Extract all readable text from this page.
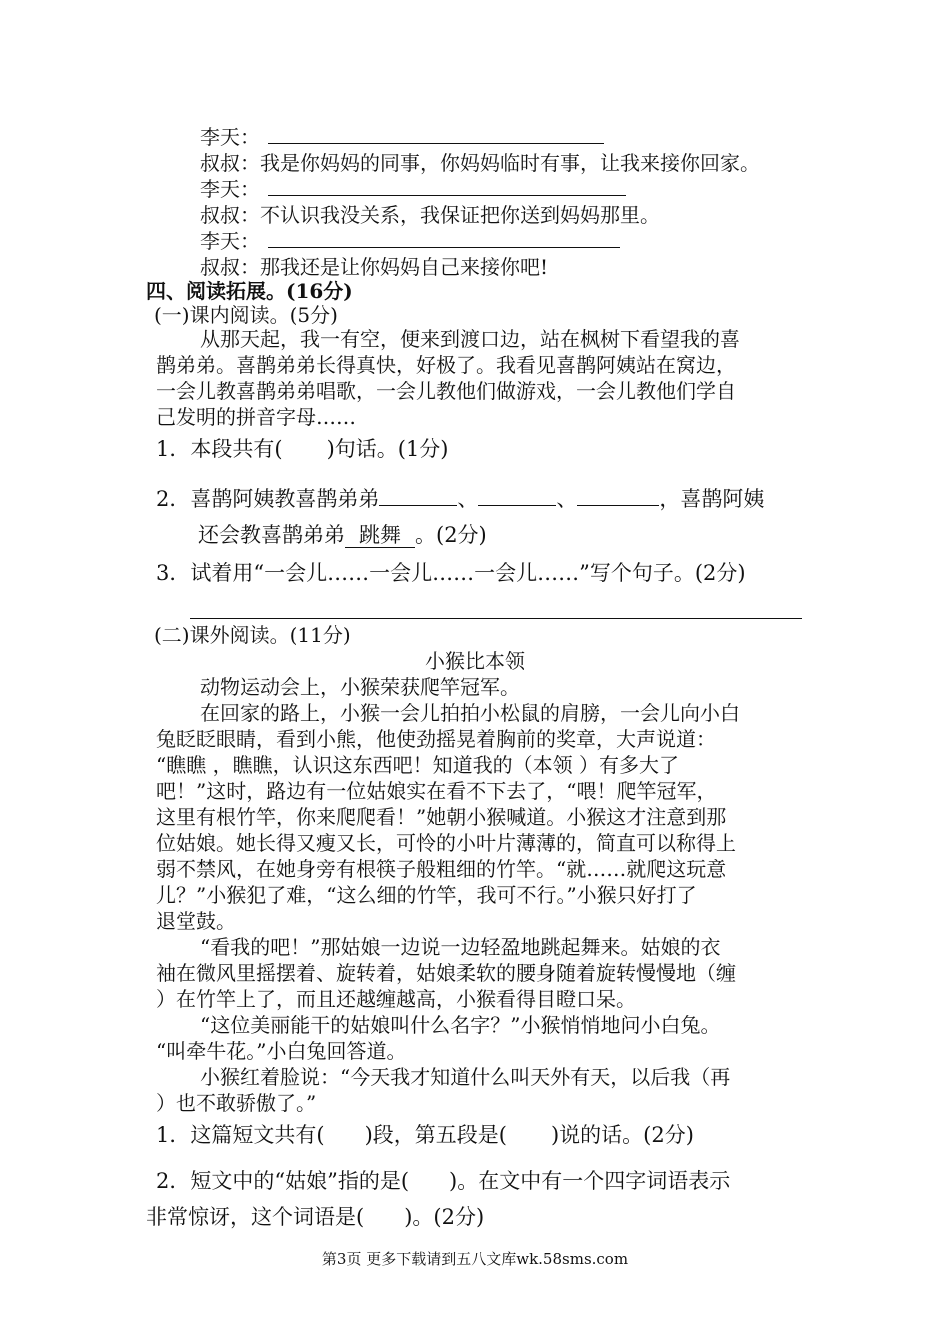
李天：
叔叔：我是你妈妈的同事，你妈妈临时有事，让我来接你回家。
李天：
叔叔：不认识我没关系，我保证把你送到妈妈那里。
李天：
叔叔：那我还是让你妈妈自己来接你吧!
四、阅读拓展。(16分)
(一)课内阅读。(5分)
从那天起，我一有空，便来到渡口边，站在枫树下看望我的喜
鹊弟弟。喜鹊弟弟长得真快，好极了。我看见喜鹊阿姨站在窝边，
一会儿教喜鹊弟弟唱歌，一会儿教他们做游戏，一会儿教他们学自
己发明的拼音字母……
1．本段共有( )句话。(1分)
2．喜鹊阿姨教喜鹊弟弟	、	、	，喜鹊阿姨
还会教喜鹊弟弟 跳舞 。(2分)
3．试着用“一会儿……一会儿……一会儿……”写个句子。(2分)
(二)课外阅读。(11分)
小猴比本领
动物运动会上，小猴荣获爬竿冠军。
在回家的路上，小猴一会儿拍拍小松鼠的肩膀，一会儿向小白
兔眨眨眼睛，看到小熊，他使劲摇晃着胸前的奖章，大声说道：
“瞧瞧 ，瞧瞧，认识这东西吧！知道我的（本领 ）有多大了
吧！”这时，路边有一位姑娘实在看不下去了，“喂！爬竿冠军，
这里有根竹竿，你来爬爬看！”她朝小猴喊道。小猴这才注意到那
位姑娘。她长得又瘦又长，可怜的小叶片薄薄的，简直可以称得上
弱不禁风，在她身旁有根筷子般粗细的竹竿。“就……就爬这玩意
儿？”小猴犯了难，“这么细的竹竿，我可不行。”小猴只好打了
退堂鼓。
“看我的吧！”那姑娘一边说一边轻盈地跳起舞来。姑娘的衣
袖在微风里摇摆着、旋转着，姑娘柔软的腰身随着旋转慢慢地（缠
）在竹竿上了，而且还越缠越高，小猴看得目瞪口呆。
“这位美丽能干的姑娘叫什么名字？”小猴悄悄地问小白兔。
“叫牵牛花。”小白兔回答道。
小猴红着脸说：“今天我才知道什么叫天外有天，以后我（再
）也不敢骄傲了。”
1．这篇短文共有( )段，第五段是( )说的话。(2分)
2．短文中的“姑娘”指的是( )。在文中有一个四字词语表示
非常惊讶，这个词语是( )。(2分)
第3页 更多下载请到五八文库wk.58sms.com
